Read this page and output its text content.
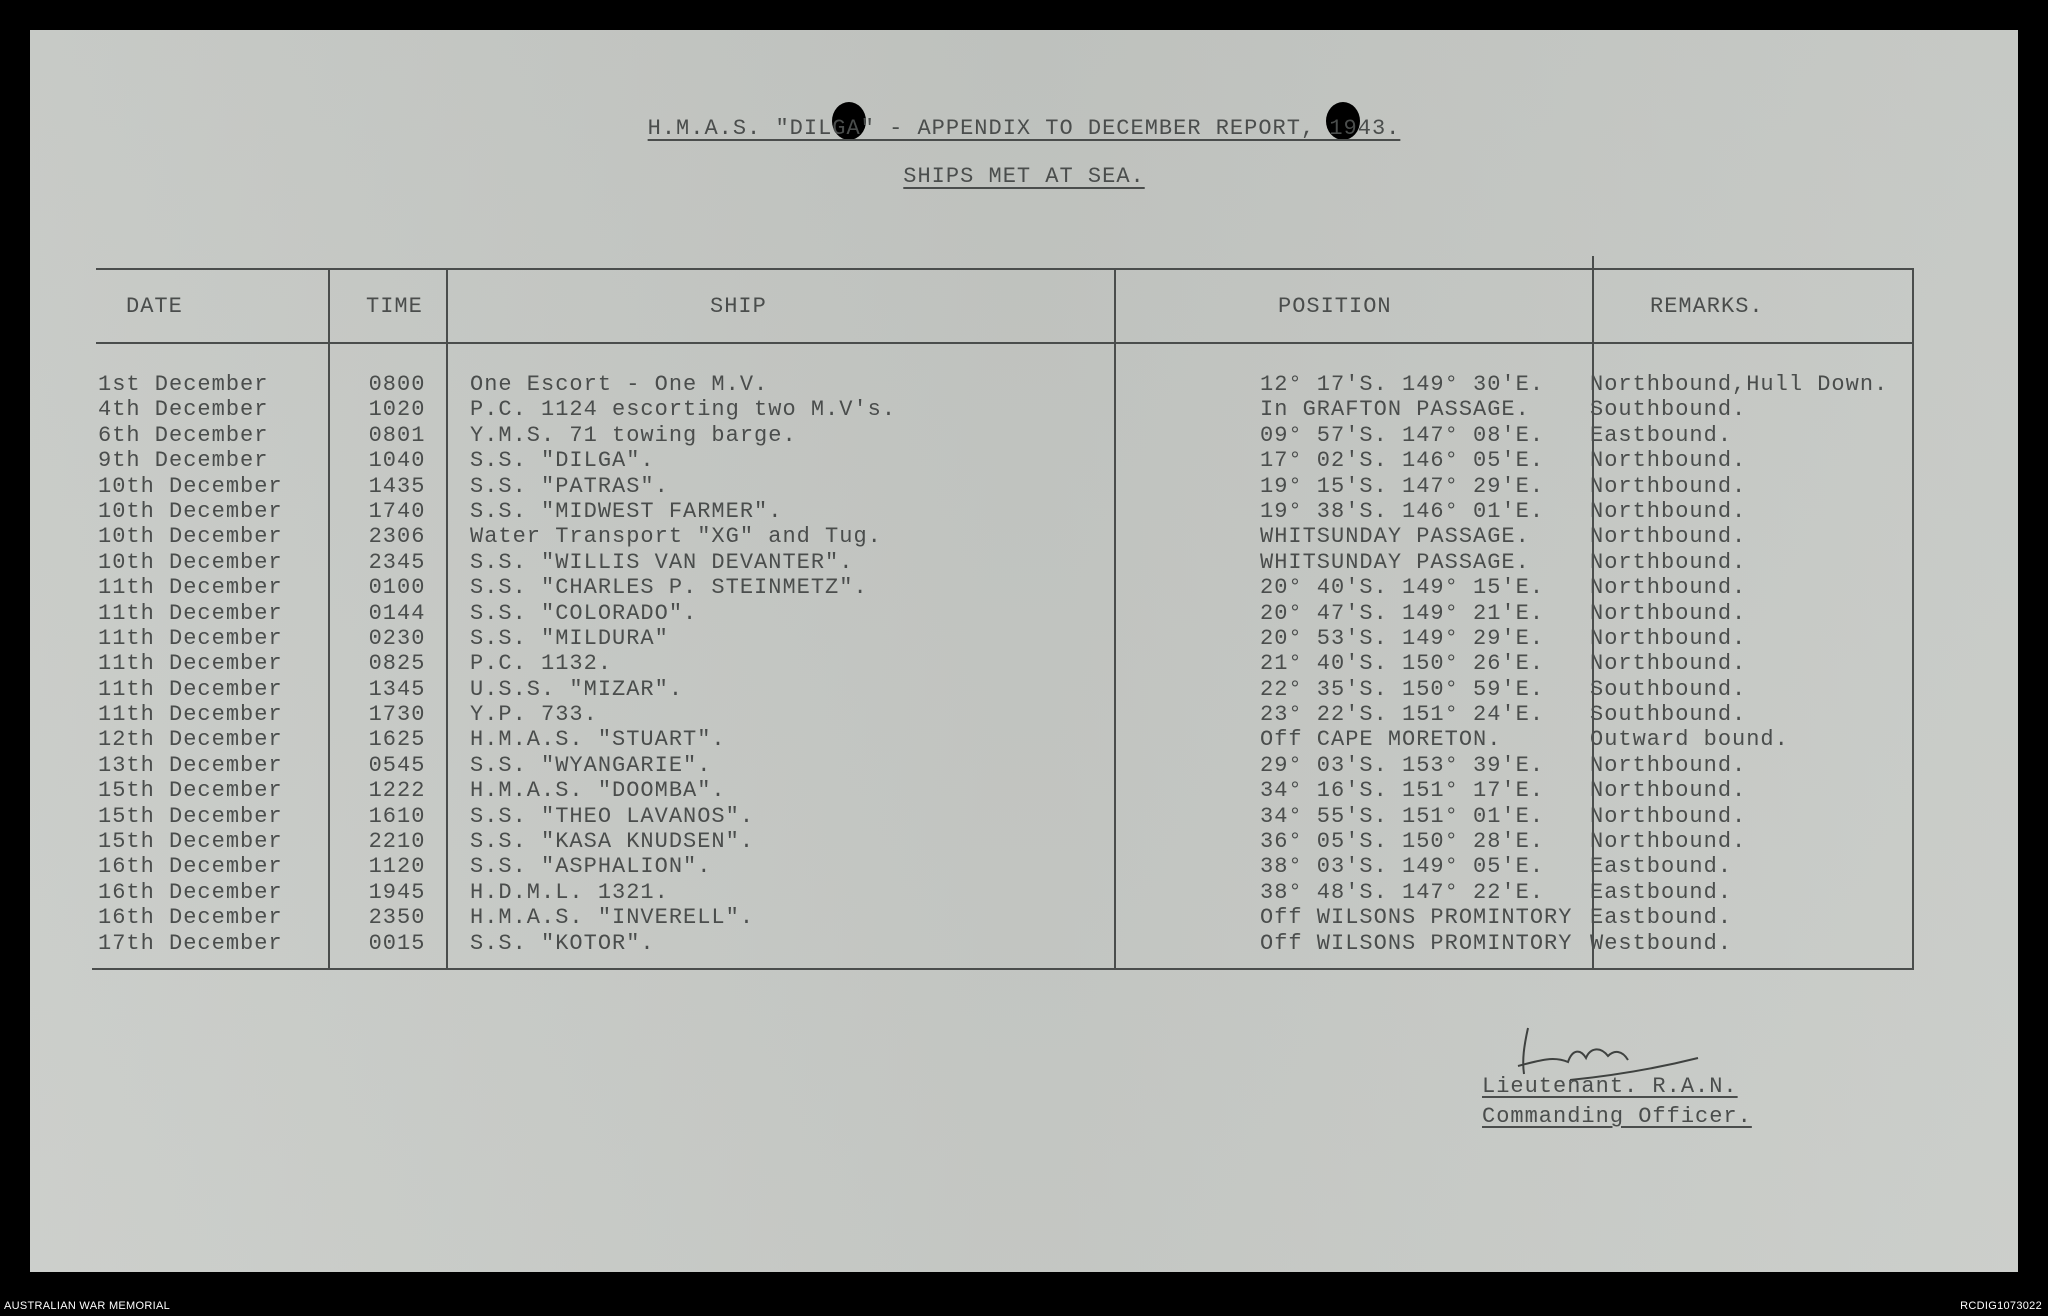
H.M.A.S. "DILGA" - APPENDIX TO DECEMBER REPORT, 1943.
SHIPS MET AT SEA.
DATE	TIME	SHIP	POSITION	REMARKS.
1st December	0800	One Escort - One M.V.	12° 17'S. 149° 30'E. Northbound,Hull Down.
4th December	1020	P.C. 1124 escorting two M.V's.	In GRAFTON PASSAGE.	Southbound.
6th December	0801	Y.M.S. 71 towing barge.	09° 57'S. 147° 08'E. Eastbound.
9th December	1040	S.S. "DILGA".	17° 02'S. 146° 05'E. Northbound.
10th December	1435	S.S. "PATRAS".	19° 15'S. 147° 29'E. Northbound.
10th December	1740	S.S. "MIDWEST FARMER".	19° 38'S. 146° 01'E. Northbound.
10th December	2306	Water Transport "XG" and Tug.	WHITSUNDAY PASSAGE.	Northbound.
10th December	2345	S.S. "WILLIS VAN DEVANTER".	WHITSUNDAY PASSAGE.	Northbound.
11th December	0100	S.S. "CHARLES P. STEINMETZ".	20° 40'S. 149° 15'E. Northbound.
11th December	0144	S.S. "COLORADO".	20° 47'S. 149° 21'E. Northbound.
11th December	0230	S.S. "MILDURA"	20° 53'S. 149° 29'E. Northbound.
11th December	0825	P.C. 1132.	21° 40'S. 150° 26'E. Northbound.
11th December	1345	U.S.S. "MIZAR".	22° 35'S. 150° 59'E. Southbound.
11th December	1730	Y.P. 733.	23° 22'S. 151° 24'E. Southbound.
12th December	1625	H.M.A.S. "STUART".	Off CAPE MORETON.	Outward bound.
13th December	0545	S.S. "WYANGARIE".	29° 03'S. 153° 39'E. Northbound.
15th December	1222	H.M.A.S. "DOOMBA".	34° 16'S. 151° 17'E. Northbound.
15th December	1610	S.S. "THEO LAVANOS".	34° 55'S. 151° 01'E. Northbound.
15th December	2210	S.S. "KASA KNUDSEN".	36° 05'S. 150° 28'E. Northbound.
16th December	1120	S.S. "ASPHALION".	38° 03'S. 149° 05'E. Eastbound.
16th December	1945	H.D.M.L. 1321.	38° 48'S. 147° 22'E. Eastbound.
16th December	2350	H.M.A.S. "INVERELL".	Off WILSONS PROMINTORY Eastbound.
17th December	0015	S.S. "KOTOR".	Off WILSONS PROMINTORY Westbound.
Lieutenant. R.A.N.
Commanding Officer.
AUSTRALIAN WAR MEMORIAL	RCDIG1073022
